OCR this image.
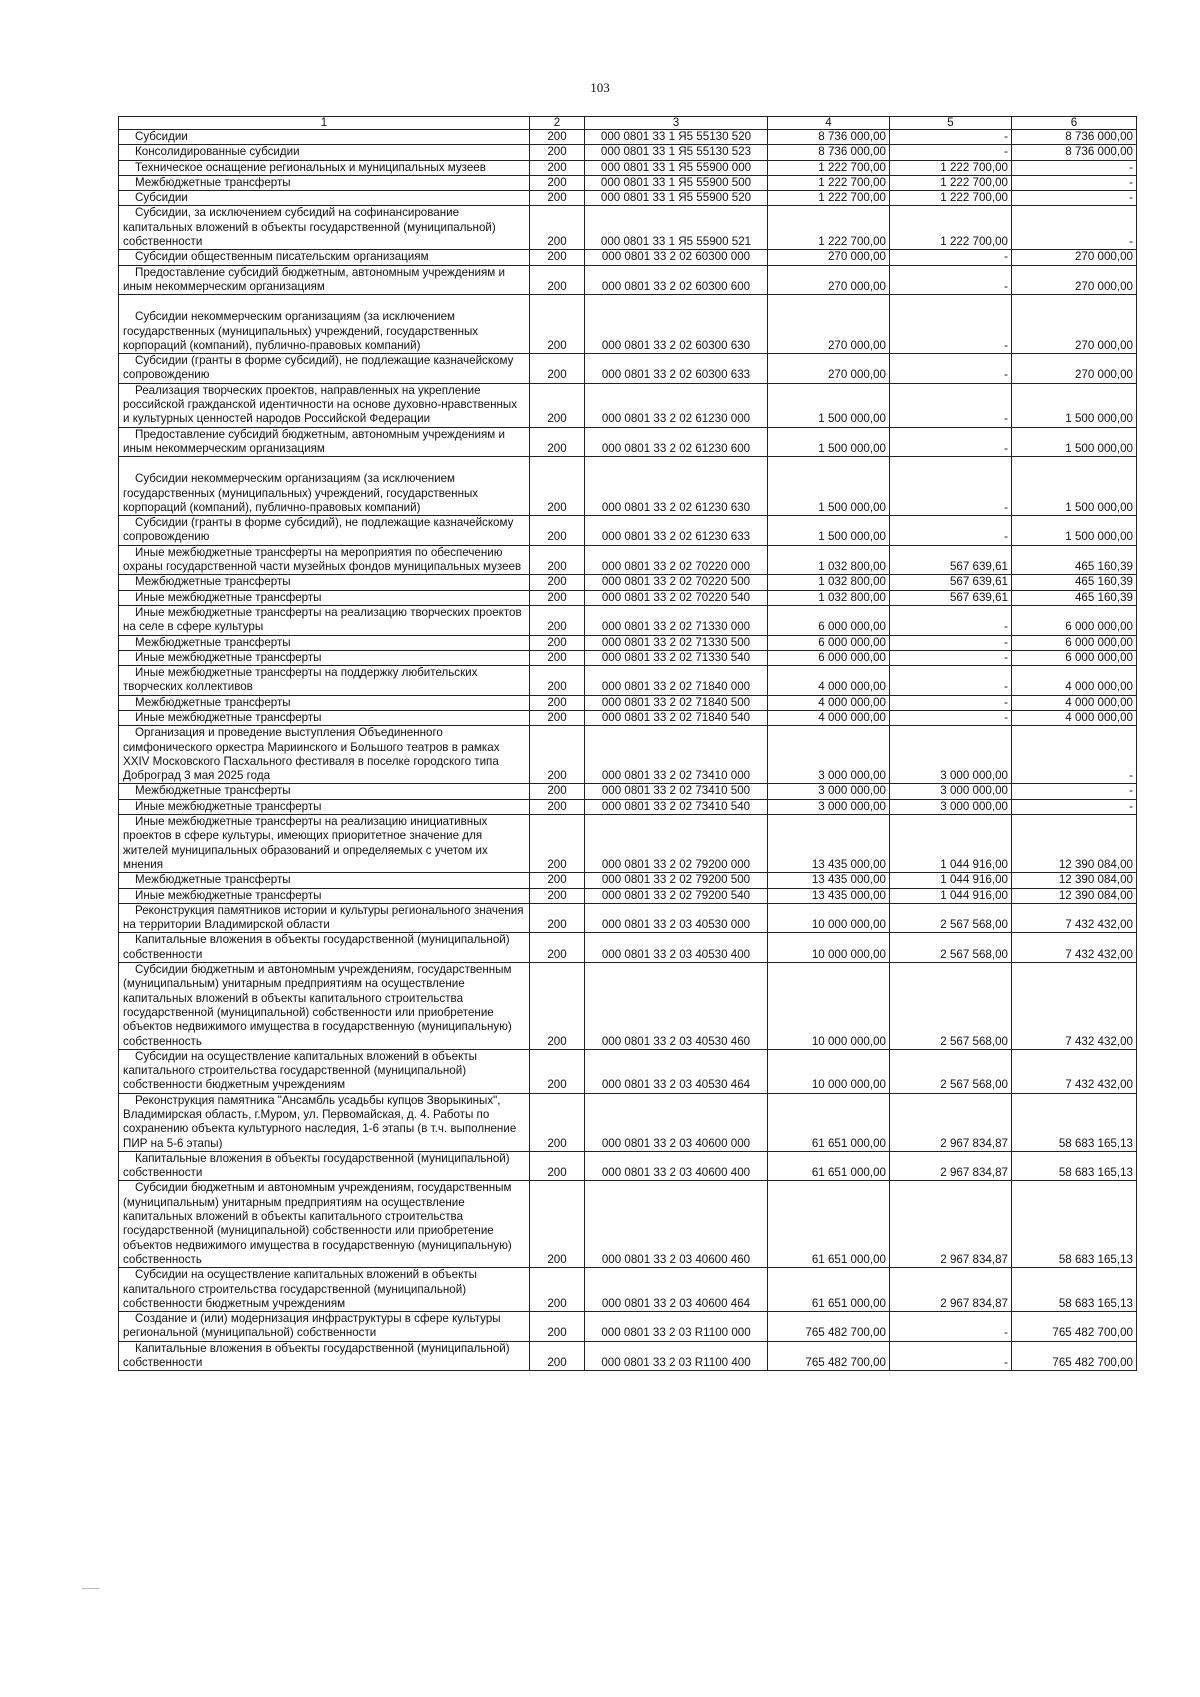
103
1	2	3	4	5	6

Субсидии	200	000 0801 33 1 Я5 55130 520	8 736 000,00	-	8 736 000,00

Консолидированные субсидии	200	000 0801 33 1 Я5 55130 523	8 736 000,00	-	8 736 000,00

Техническое оснащение региональных и муниципальных музеев	200	000 0801 33 1 Я5 55900 000	1 222 700,00	1 222 700,00	-

Межбюджетные трансферты	200	000 0801 33 1 Я5 55900 500	1 222 700,00	1 222 700,00	-

Субсидии	200	000 0801 33 1 Я5 55900 520	1 222 700,00	1 222 700,00	-

Субсидии, за исключением субсидий на софинансирование капитальных вложений в объекты государственной (муниципальной) собственности	200	000 0801 33 1 Я5 55900 521	1 222 700,00	1 222 700,00	-

Субсидии общественным писательским организациям	200	000 0801 33 2 02 60300 000	270 000,00	-	270 000,00

Предоставление субсидий бюджетным, автономным учреждениям и иным некоммерческим организациям	200	000 0801 33 2 02 60300 600	270 000,00	-	270 000,00

Субсидии некоммерческим организациям (за исключением государственных (муниципальных) учреждений, государственных корпораций (компаний), публично-правовых компаний)	200	000 0801 33 2 02 60300 630	270 000,00	-	270 000,00

Субсидии (гранты в форме субсидий), не подлежащие казначейскому сопровождению	200	000 0801 33 2 02 60300 633	270 000,00	-	270 000,00

Реализация творческих проектов, направленных на укрепление российской гражданской идентичности на основе духовно-нравственных и культурных ценностей народов Российской Федерации	200	000 0801 33 2 02 61230 000	1 500 000,00	-	1 500 000,00

Предоставление субсидий бюджетным, автономным учреждениям и иным некоммерческим организациям	200	000 0801 33 2 02 61230 600	1 500 000,00	-	1 500 000,00

Субсидии некоммерческим организациям (за исключением государственных (муниципальных) учреждений, государственных корпораций (компаний), публично-правовых компаний)	200	000 0801 33 2 02 61230 630	1 500 000,00	-	1 500 000,00

Субсидии (гранты в форме субсидий), не подлежащие казначейскому сопровождению	200	000 0801 33 2 02 61230 633	1 500 000,00	-	1 500 000,00

Иные межбюджетные трансферты на мероприятия по обеспечению охраны государственной части музейных фондов муниципальных музеев	200	000 0801 33 2 02 70220 000	1 032 800,00	567 639,61	465 160,39

Межбюджетные трансферты	200	000 0801 33 2 02 70220 500	1 032 800,00	567 639,61	465 160,39

Иные межбюджетные трансферты	200	000 0801 33 2 02 70220 540	1 032 800,00	567 639,61	465 160,39

Иные межбюджетные трансферты на реализацию творческих проектов на селе в сфере культуры	200	000 0801 33 2 02 71330 000	6 000 000,00	-	6 000 000,00

Межбюджетные трансферты	200	000 0801 33 2 02 71330 500	6 000 000,00	-	6 000 000,00

Иные межбюджетные трансферты	200	000 0801 33 2 02 71330 540	6 000 000,00	-	6 000 000,00

Иные межбюджетные трансферты на поддержку любительских творческих коллективов	200	000 0801 33 2 02 71840 000	4 000 000,00	-	4 000 000,00

Межбюджетные трансферты	200	000 0801 33 2 02 71840 500	4 000 000,00	-	4 000 000,00

Иные межбюджетные трансферты	200	000 0801 33 2 02 71840 540	4 000 000,00	-	4 000 000,00

Организация и проведение выступления Объединенного симфонического оркестра Мариинского и Большого театров в рамках XXIV Московского Пасхального фестиваля в поселке городского типа Доброград 3 мая 2025 года	200	000 0801 33 2 02 73410 000	3 000 000,00	3 000 000,00	-

Межбюджетные трансферты	200	000 0801 33 2 02 73410 500	3 000 000,00	3 000 000,00	-

Иные межбюджетные трансферты	200	000 0801 33 2 02 73410 540	3 000 000,00	3 000 000,00	-

Иные межбюджетные трансферты на реализацию инициативных проектов в сфере культуры, имеющих приоритетное значение для жителей муниципальных образований и определяемых с учетом их мнения	200	000 0801 33 2 02 79200 000	13 435 000,00	1 044 916,00	12 390 084,00

Межбюджетные трансферты	200	000 0801 33 2 02 79200 500	13 435 000,00	1 044 916,00	12 390 084,00

Иные межбюджетные трансферты	200	000 0801 33 2 02 79200 540	13 435 000,00	1 044 916,00	12 390 084,00

Реконструкция памятников истории и культуры регионального значения на территории Владимирской области	200	000 0801 33 2 03 40530 000	10 000 000,00	2 567 568,00	7 432 432,00

Капитальные вложения в объекты государственной (муниципальной) собственности	200	000 0801 33 2 03 40530 400	10 000 000,00	2 567 568,00	7 432 432,00

Субсидии бюджетным и автономным учреждениям, государственным (муниципальным) унитарным предприятиям на осуществление капитальных вложений в объекты капитального строительства государственной (муниципальной) собственности или приобретение объектов недвижимого имущества в государственную (муниципальную) собственность	200	000 0801 33 2 03 40530 460	10 000 000,00	2 567 568,00	7 432 432,00

Субсидии на осуществление капитальных вложений в объекты капитального строительства государственной (муниципальной) собственности бюджетным учреждениям	200	000 0801 33 2 03 40530 464	10 000 000,00	2 567 568,00	7 432 432,00

Реконструкция памятника "Ансамбль усадьбы купцов Зворыкиных", Владимирская область, г.Муром, ул. Первомайская, д. 4. Работы по сохранению объекта культурного наследия, 1-6 этапы (в т.ч. выполнение ПИР на 5-6 этапы)	200	000 0801 33 2 03 40600 000	61 651 000,00	2 967 834,87	58 683 165,13

Капитальные вложения в объекты государственной (муниципальной) собственности	200	000 0801 33 2 03 40600 400	61 651 000,00	2 967 834,87	58 683 165,13

Субсидии бюджетным и автономным учреждениям, государственным (муниципальным) унитарным предприятиям на осуществление капитальных вложений в объекты капитального строительства государственной (муниципальной) собственности или приобретение объектов недвижимого имущества в государственную (муниципальную) собственность	200	000 0801 33 2 03 40600 460	61 651 000,00	2 967 834,87	58 683 165,13

Субсидии на осуществление капитальных вложений в объекты капитального строительства государственной (муниципальной) собственности бюджетным учреждениям	200	000 0801 33 2 03 40600 464	61 651 000,00	2 967 834,87	58 683 165,13

Создание и (или) модернизация инфраструктуры в сфере культуры региональной (муниципальной) собственности	200	000 0801 33 2 03 R1100 000	765 482 700,00	-	765 482 700,00

Капитальные вложения в объекты государственной (муниципальной) собственности	200	000 0801 33 2 03 R1100 400	765 482 700,00	-	765 482 700,00
